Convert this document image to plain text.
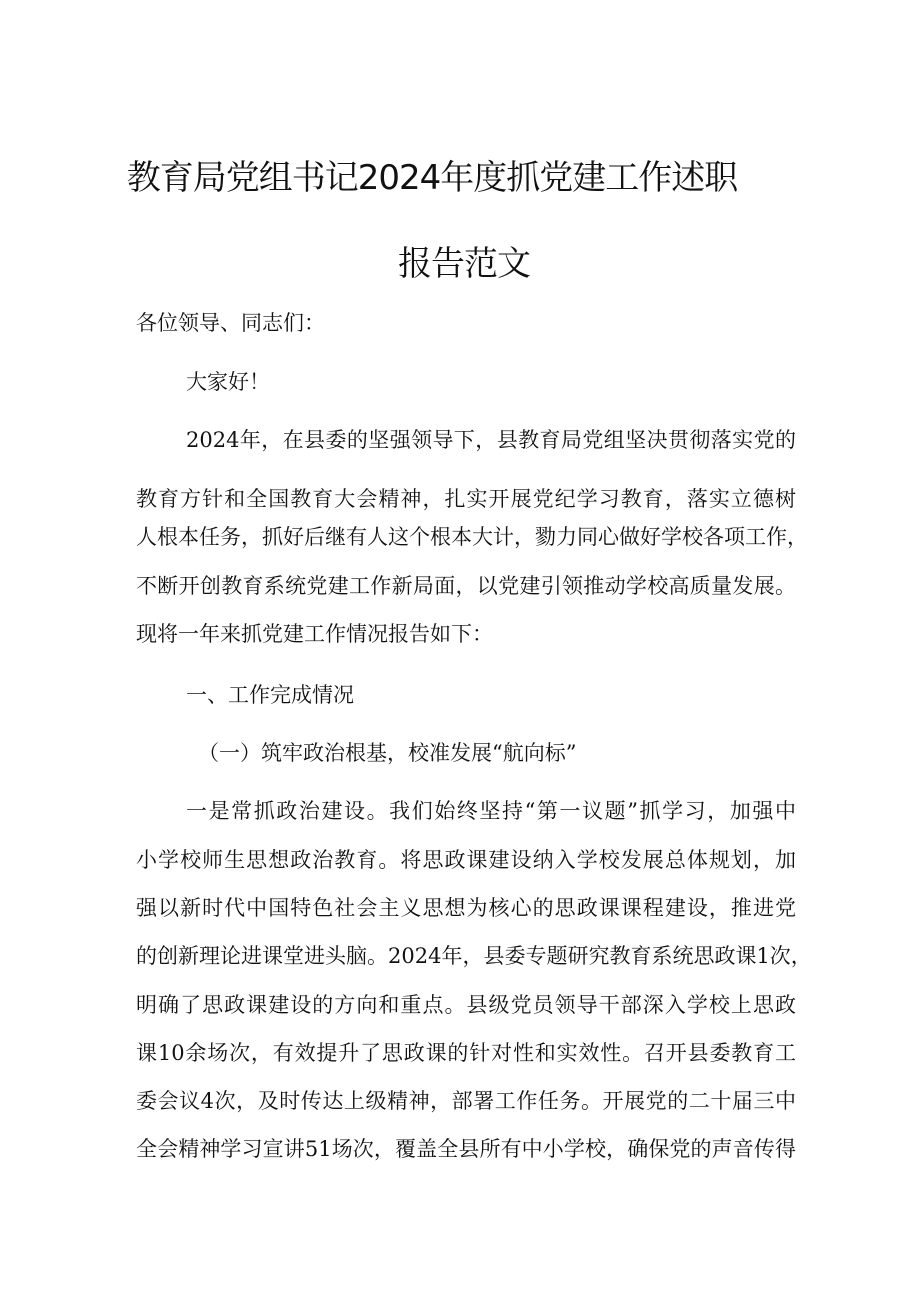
教育局党组书记2024年度抓党建工作述职
报告范文
各位领导、同志们：
大家好！
2024年，在县委的坚强领导下，县教育局党组坚决贯彻落实党的
教育方针和全国教育大会精神，扎实开展党纪学习教育，落实立德树
人根本任务，抓好后继有人这个根本大计，勠力同心做好学校各项工作，
不断开创教育系统党建工作新局面，以党建引领推动学校高质量发展。
现将一年来抓党建工作情况报告如下：
一、工作完成情况
（一）筑牢政治根基，校准发展“航向标”
一是常抓政治建设。我们始终坚持“第一议题”抓学习，加强中
小学校师生思想政治教育。将思政课建设纳入学校发展总体规划，加
强以新时代中国特色社会主义思想为核心的思政课课程建设，推进党
的创新理论进课堂进头脑。2024年，县委专题研究教育系统思政课1次，
明确了思政课建设的方向和重点。县级党员领导干部深入学校上思政
课10余场次，有效提升了思政课的针对性和实效性。召开县委教育工
委会议4次，及时传达上级精神，部署工作任务。开展党的二十届三中
全会精神学习宣讲51场次，覆盖全县所有中小学校，确保党的声音传得
